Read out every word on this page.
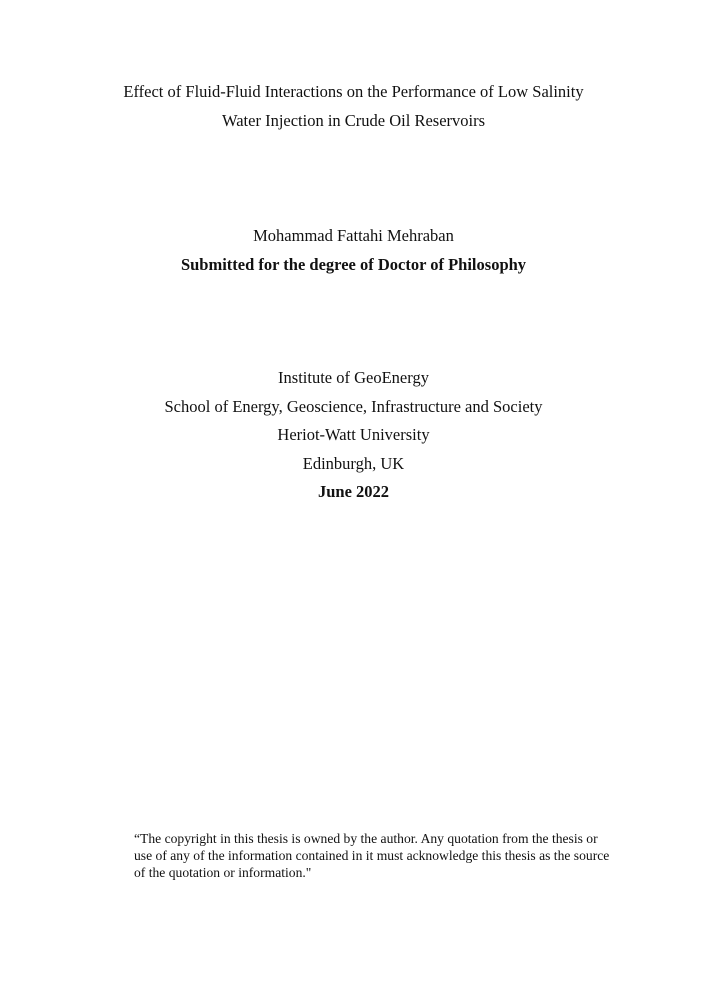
Effect of Fluid-Fluid Interactions on the Performance of Low Salinity
Water Injection in Crude Oil Reservoirs
Mohammad Fattahi Mehraban
Submitted for the degree of Doctor of Philosophy
Institute of GeoEnergy
School of Energy, Geoscience, Infrastructure and Society
Heriot-Watt University
Edinburgh, UK
June 2022
“The copyright in this thesis is owned by the author. Any quotation from the thesis or
use of any of the information contained in it must acknowledge this thesis as the source
of the quotation or information."
